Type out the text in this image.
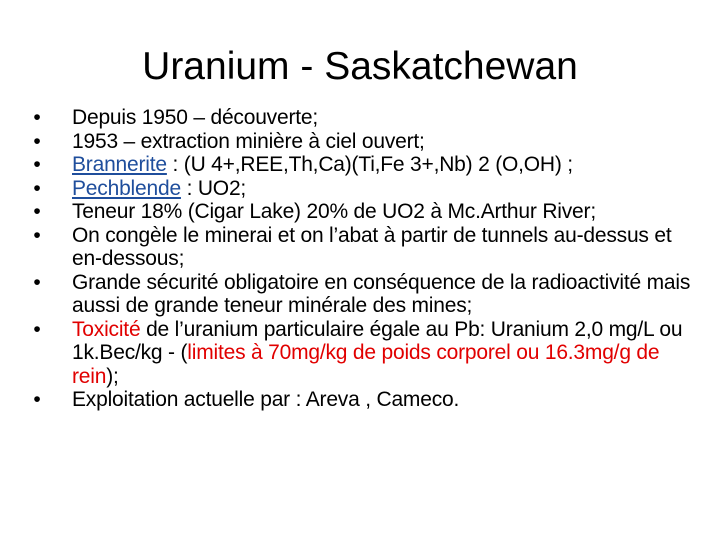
Uranium - Saskatchewan
• Depuis 1950 – découverte;
• 1953 – extraction minière à ciel ouvert;
• Brannerite : (U 4+,REE,Th,Ca)(Ti,Fe 3+,Nb) 2 (O,OH) ;
• Pechblende : UO2;
• Teneur 18% (Cigar Lake) 20% de UO2 à Mc.Arthur River;
• On congèle le minerai et on l’abat à partir de tunnels au-dessus et en-dessous;
• Grande sécurité obligatoire en conséquence de la radioactivité mais aussi de grande teneur minérale des mines;
• Toxicité de l’uranium particulaire égale au Pb: Uranium 2,0 mg/L ou 1k.Bec/kg - (limites à 70mg/kg de poids corporel ou 16.3mg/g de rein);
• Exploitation actuelle par : Areva , Cameco.
